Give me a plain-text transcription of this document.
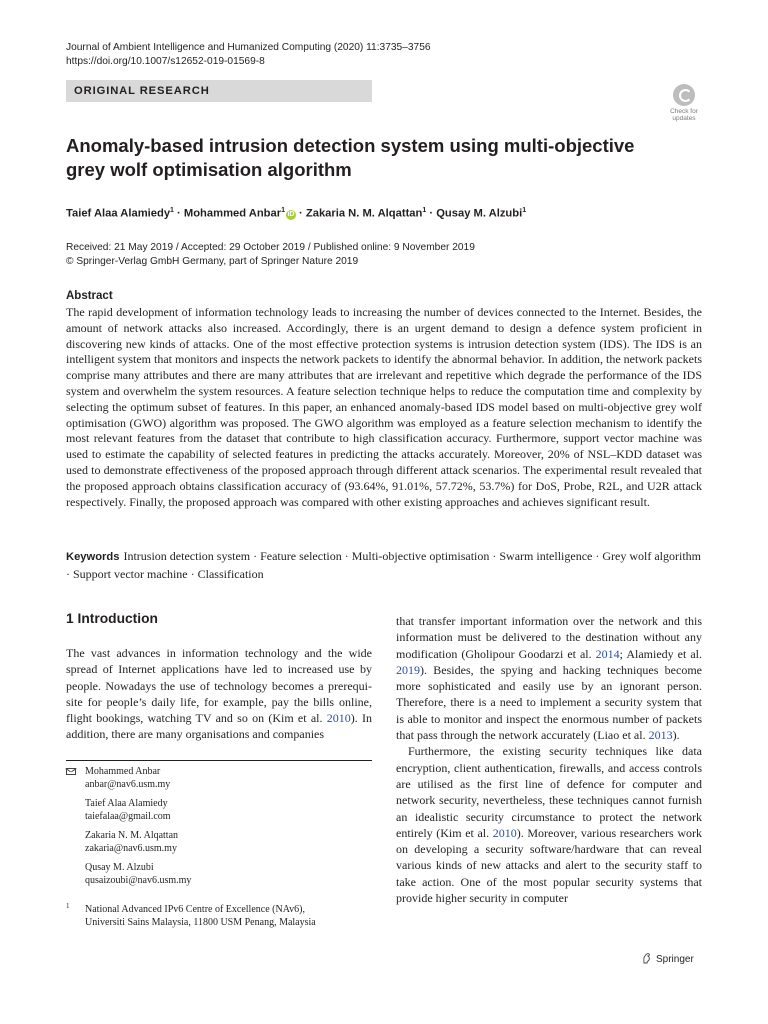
Journal of Ambient Intelligence and Humanized Computing (2020) 11:3735–3756
https://doi.org/10.1007/s12652-019-01569-8
ORIGINAL RESEARCH
Check for updates
Anomaly-based intrusion detection system using multi-objective grey wolf optimisation algorithm
Taief Alaa Alamiedy$^1$ · Mohammed Anbar$^1$ iD · Zakaria N. M. Alqattan$^1$ · Qusay M. Alzubi$^1$
Received: 21 May 2019 / Accepted: 29 October 2019 / Published online: 9 November 2019
© Springer-Verlag GmbH Germany, part of Springer Nature 2019
Abstract

The rapid development of information technology leads to increasing the number of devices connected to the Internet. Besides, the amount of network attacks also increased. Accordingly, there is an urgent demand to design a defence system proficient in discovering new kinds of attacks. One of the most effective protection systems is intrusion detection system (IDS). The IDS is an intelligent system that monitors and inspects the network packets to identify the abnormal behavior. In addition, the network packets comprise many attributes and there are many attributes that are irrelevant and repetitive which degrade the performance of the IDS system and overwhelm the system resources. A feature selection technique helps to reduce the computation time and complexity by selecting the optimum subset of features. In this paper, an enhanced anomaly-based IDS model based on multi-objective grey wolf optimisation (GWO) algorithm was proposed. The GWO algorithm was employed as a feature selection mechanism to identify the most relevant features from the dataset that contribute to high classification accuracy. Furthermore, support vector machine was used to estimate the capability of selected features in predicting the attacks accurately. Moreover, 20% of NSL–KDD dataset was used to demonstrate effectiveness of the proposed approach through different attack scenarios. The experimental result revealed that the proposed approach obtains classification accuracy of (93.64%, 91.01%, 57.72%, 53.7%) for DoS, Probe, R2L, and U2R attack respectively. Finally, the proposed approach was compared with other existing approaches and achieves significant result.

Keywords Intrusion detection system · Feature selection · Multi-objective optimisation · Swarm intelligence · Grey wolf algorithm · Support vector machine · Classification

1 Introduction

The vast advances in information technology and the wide spread of Internet applications have led to increased use by people. Nowadays the use of technology becomes a prerequisite for people’s daily life, for example, pay the bills online, flight bookings, watching TV and so on (Kim et al. 2010). In addition, there are many organisations and companies

that transfer important information over the network and this information must be delivered to the destination without any modification (Gholipour Goodarzi et al. 2014; Alamiedy et al. 2019). Besides, the spying and hacking techniques become more sophisticated and easily use by an ignorant person. Therefore, there is a need to implement a security system that is able to monitor and inspect the enormous number of packets that pass through the network accurately (Liao et al. 2013).
Furthermore, the existing security techniques like data encryption, client authentication, firewalls, and access controls are utilised as the first line of defence for computer and network security, nevertheless, these techniques cannot furnish an idealistic security circumstance to protect the network entirely (Kim et al. 2010). Moreover, various researchers work on developing a security software/hardware that can reveal various kinds of new attacks and alert to the security staff to take action. One of the most popular security systems that provide higher security in computer

Mohammed Anbar
anbar@nav6.usm.my
Taief Alaa Alamiedy
taiefalaa@gmail.com
Zakaria N. M. Alqattan
zakaria@nav6.usm.my
Qusay M. Alzubi
qusaizoubi@nav6.usm.my
1 National Advanced IPv6 Centre of Excellence (NAv6),
Universiti Sains Malaysia, 11800 USM Penang, Malaysia
Springer
